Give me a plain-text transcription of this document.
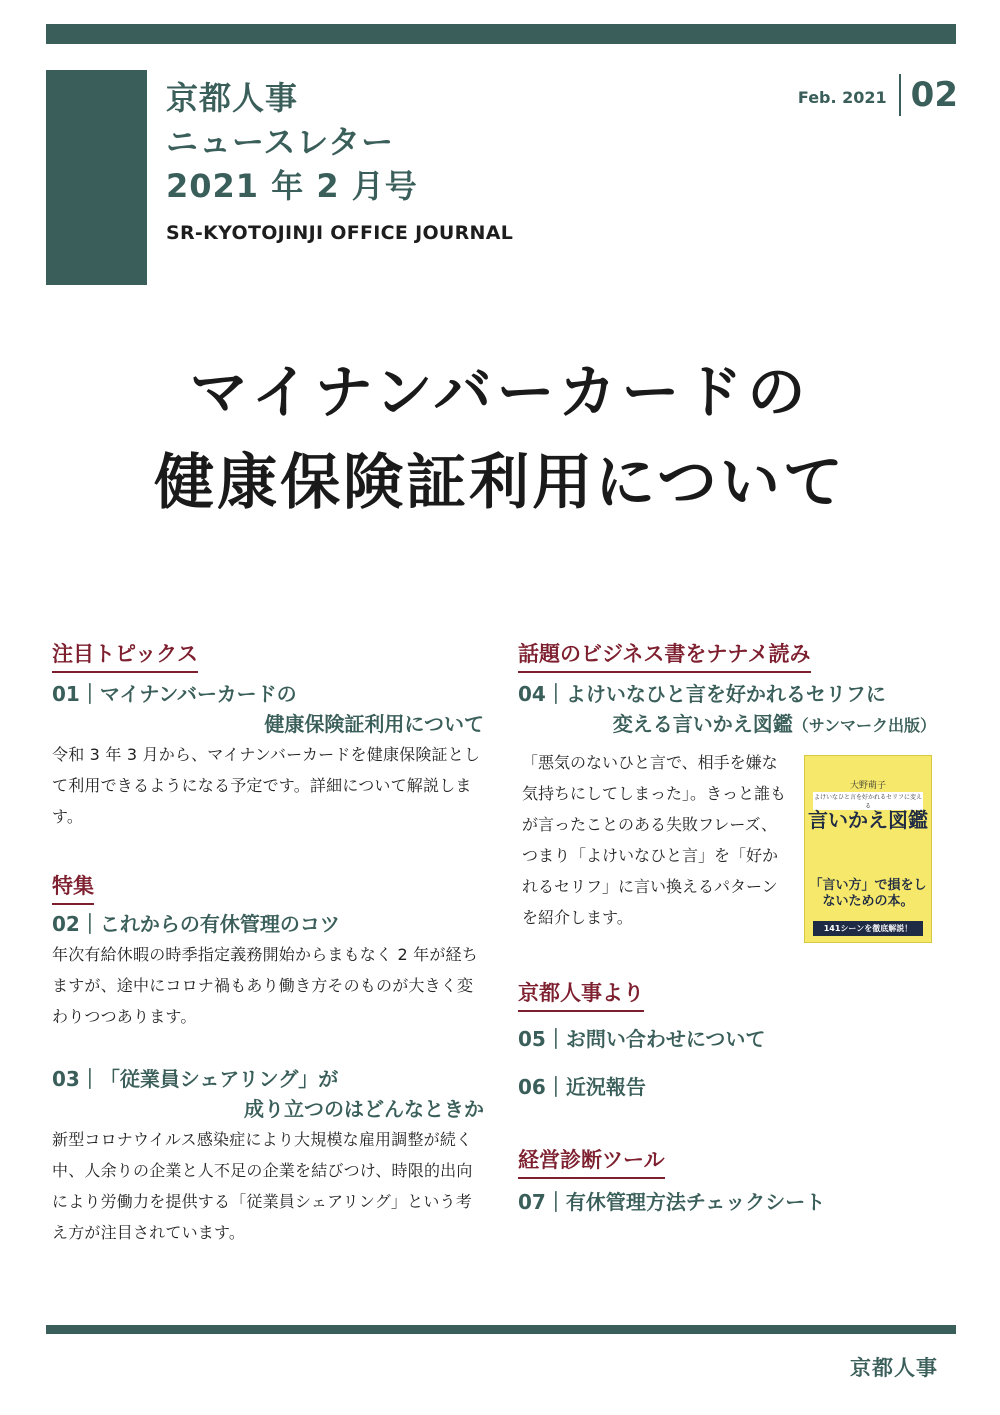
京都人事
ニュースレター
2021 年 2 月号
SR-KYOTOJINJI OFFICE JOURNAL
Feb. 2021 02
マイナンバーカードの
健康保険証利用について
注目トピックス
01｜マイナンバーカードの
健康保険証利用について
令和 3 年 3 月から、マイナンバーカードを健康保険証として利用できるようになる予定です。詳細について解説します。
特集
02｜これからの有休管理のコツ
年次有給休暇の時季指定義務開始からまもなく 2 年が経ちますが、途中にコロナ禍もあり働き方そのものが大きく変わりつつあります。
03｜「従業員シェアリング」が
成り立つのはどんなときか
新型コロナウイルス感染症により大規模な雇用調整が続く中、人余りの企業と人不足の企業を結びつけ、時限的出向により労働力を提供する「従業員シェアリング」という考え方が注目されています。
話題のビジネス書をナナメ読み
04｜よけいなひと言を好かれるセリフに
変える言いかえ図鑑（サンマーク出版）
「悪気のないひと言で、相手を嫌な気持ちにしてしまった」。きっと誰もが言ったことのある失敗フレーズ、つまり「よけいなひと言」を「好かれるセリフ」に言い換えるパターンを紹介します。
大野萌子
よけいなひと言を好かれるセリフに変える
言いかえ図鑑
「言い方」で損をしないための本。
141シーンを徹底解説！
京都人事より
05｜お問い合わせについて
06｜近況報告
経営診断ツール
07｜有休管理方法チェックシート
京都人事
